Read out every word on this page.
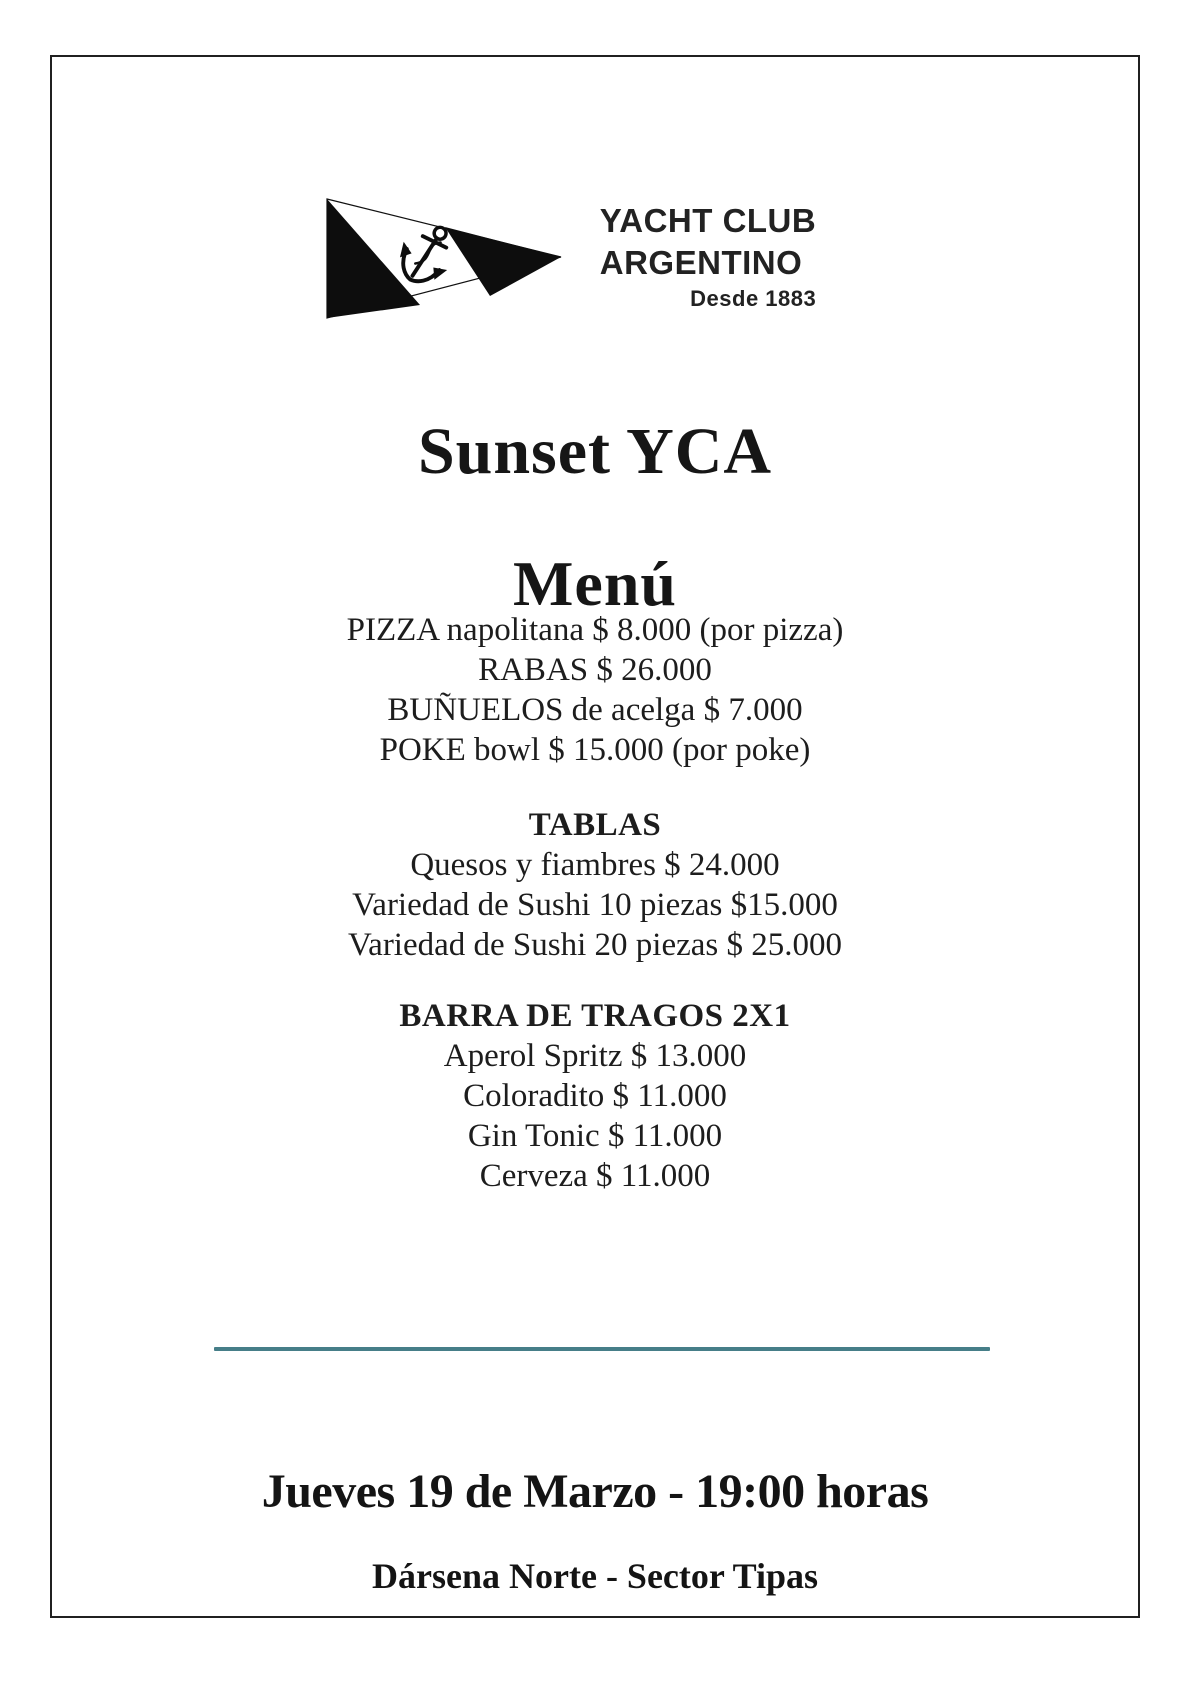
YACHT CLUB
ARGENTINO
Desde 1883
Sunset YCA
Menú
PIZZA napolitana $ 8.000 (por pizza)
RABAS $ 26.000
BUÑUELOS de acelga $ 7.000
POKE bowl $ 15.000 (por poke)
TABLAS
Quesos y fiambres $ 24.000
Variedad de Sushi 10 piezas $15.000
Variedad de Sushi 20 piezas $ 25.000
BARRA DE TRAGOS 2X1
Aperol Spritz $ 13.000
Coloradito $ 11.000
Gin Tonic $ 11.000
Cerveza $ 11.000
Jueves 19 de Marzo - 19:00 horas
Dársena Norte - Sector Tipas
